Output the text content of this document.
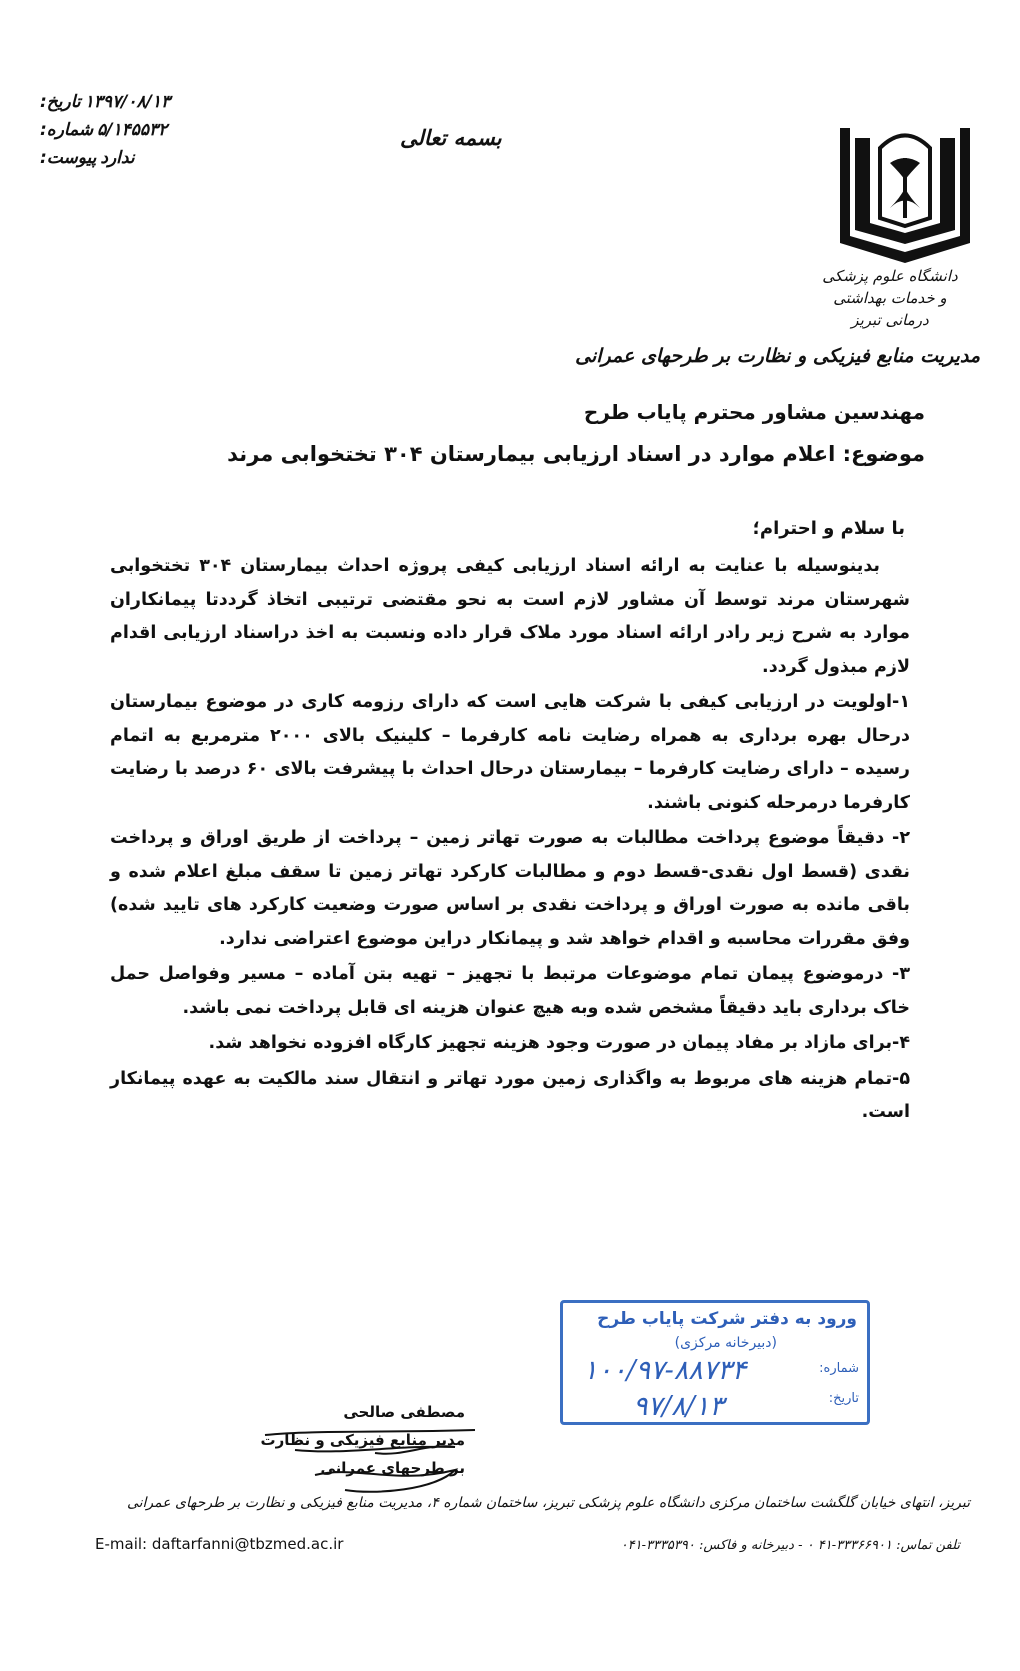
۱۳۹۷/۰۸/۱۳
تاریخ:
۵/۱۴۵۵۳۲
شماره:
ندارد
پیوست:
بسمه تعالی
دانشگاه علوم پزشکی
و خدمات بهداشتی درمانی تبریز
مدیریت منابع فیزیکی و نظارت بر طرحهای عمرانی
مهندسین مشاور محترم پایاب طرح
موضوع: اعلام موارد در اسناد ارزیابی بیمارستان ۳۰۴ تختخوابی مرند
با سلام و احترام؛

بدینوسیله با عنایت به ارائه اسناد ارزیابی کیفی پروژه احداث بیمارستان ۳۰۴ تختخوابی شهرستان مرند توسط آن مشاور لازم است به نحو مقتضی ترتیبی اتخاذ گرددتا پیمانکاران موارد به شرح زیر رادر ارائه اسناد مورد ملاک قرار داده ونسبت به اخذ دراسناد ارزیابی اقدام لازم مبذول گردد.

۱-اولویت در ارزیابی کیفی با شرکت هایی است که دارای رزومه کاری در موضوع بیمارستان درحال بهره برداری به همراه رضایت نامه کارفرما – کلینیک بالای ۲۰۰۰ مترمربع به اتمام رسیده – دارای رضایت کارفرما – بیمارستان درحال احداث با پیشرفت بالای ۶۰ درصد با رضایت کارفرما درمرحله کنونی باشند.

۲- دقیقاً موضوع پرداخت مطالبات به صورت تهاتر زمین – پرداخت از طریق اوراق و پرداخت نقدی (قسط اول نقدی-قسط دوم و مطالبات کارکرد تهاتر زمین تا سقف مبلغ اعلام شده و باقی مانده به صورت اوراق و پرداخت نقدی بر اساس صورت وضعیت کارکرد های تایید شده) وفق مقررات محاسبه و اقدام خواهد شد و پیمانکار دراین موضوع اعتراضی ندارد.

۳- درموضوع پیمان تمام موضوعات مرتبط با تجهیز – تهیه بتن آماده – مسیر وفواصل حمل خاک برداری باید دقیقاً مشخص شده وبه هیچ عنوان هزینه ای قابل پرداخت نمی باشد.

۴-برای مازاد بر مفاد پیمان در صورت وجود هزینه تجهیز کارگاه افزوده نخواهد شد.

۵-تمام هزینه های مربوط به واگذاری زمین مورد تهاتر و انتقال سند مالکیت به عهده پیمانکار است.

ورود به دفتر شرکت پایاب طرح
(دبیرخانه مرکزی)
شماره:
۱۰۰/۹۷-۸۸۷۳۴
تاریخ:
۹۷/۸/۱۳
مصطفی صالحی
مدیر منابع فیزیکی و نظارت
بر طرحهای عمرانی
تبریز، انتهای خیابان گلگشت ساختمان مرکزی دانشگاه علوم پزشکی تبریز، ساختمان شماره ۴، مدیریت منابع فیزیکی و نظارت بر طرحهای عمرانی
تلفن تماس: ۳۳۳۶۶۹۰۱-۴۱ ۰ - دبیرخانه و فاکس: ۳۳۳۵۳۹۰-۰۴۱
E-mail: daftarfanni@tbzmed.ac.ir
